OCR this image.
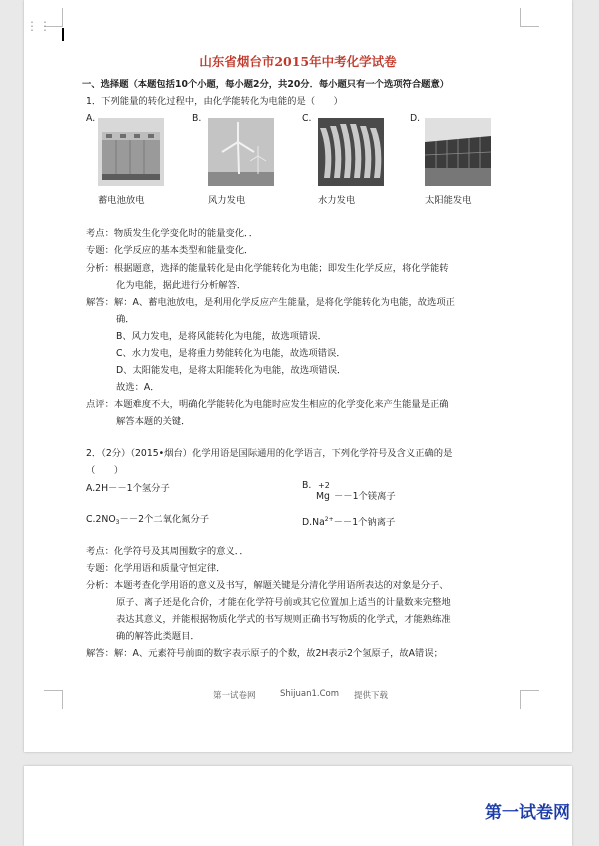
⋮⋮
山东省烟台市2015年中考化学试卷
一、选择题（本题包括10个小题，每小题2分，共20分．每小题只有一个选项符合题意）
1．下列能量的转化过程中，由化学能转化为电能的是（　　）
A.	B.	C.	D.
蓄电池放电	风力发电	水力发电	太阳能发电
考点：物质发生化学变化时的能量变化．．
专题：化学反应的基本类型和能量变化．
分析：根据题意，选择的能量转化是由化学能转化为电能；即发生化学反应，将化学能转
化为电能，据此进行分析解答．
解答：解：A、蓄电池放电，是利用化学反应产生能量，是将化学能转化为电能，故选项正
确．
B、风力发电，是将风能转化为电能，故选项错误．
C、水力发电，是将重力势能转化为电能，故选项错误．
D、太阳能发电，是将太阳能转化为电能，故选项错误．
故选：A．
点评：本题难度不大，明确化学能转化为电能时应发生相应的化学变化来产生能量是正确
解答本题的关键．
2．（2分）（2015•烟台）化学用语是国际通用的化学语言，下列化学符号及含义正确的是
（　　）
A.2H－－1个氢分子	B. +2
Mg －－1个镁离子
$C.2NO_3--2$个二氧化氮分子	$D.Na^{2+}--1$个钠离子
考点：化学符号及其周围数字的意义．．
专题：化学用语和质量守恒定律．
分析：本题考查化学用语的意义及书写，解题关键是分清化学用语所表达的对象是分子、
原子、离子还是化合价，才能在化学符号前或其它位置加上适当的计量数来完整地
表达其意义，并能根据物质化学式的书写规则正确书写物质的化学式，才能熟练准
确的解答此类题目．
解答：解：A、元素符号前面的数字表示原子的个数，故2H表示2个氢原子，故A错误；
第一试卷网	Shijuan1.Com 提供下载
第一试卷网
